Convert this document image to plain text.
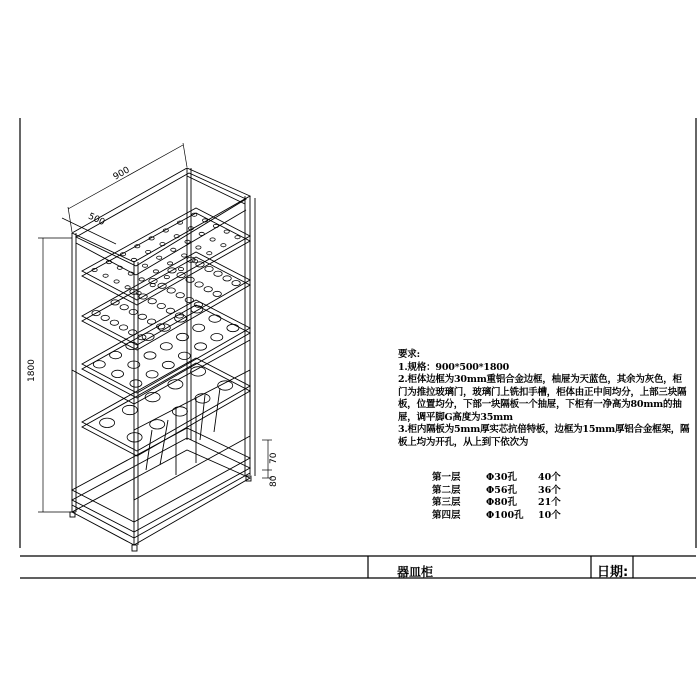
900
500
1800
70
80
要求:
1.规格：900*500*1800
2.柜体边框为30mm重铝合金边框，柚屉为天蓝色，其余为灰色，柜门为推拉玻璃门，玻璃门上铣扣手槽，柜体由正中间均分，上部三块隔板，位置均分，下部一块隔板一个抽屉，下柜有一净高为80mm的抽屉，调平脚G高度为35mm
3.柜内隔板为5mm厚实芯抗倍特板，边框为15mm厚铝合金框架，隔板上均为开孔，从上到下依次为
第一层	Φ30孔	40个
第二层	Φ56孔	36个
第三层	Φ80孔	21个
第四层	Φ100孔	10个
器皿柜	日期:
